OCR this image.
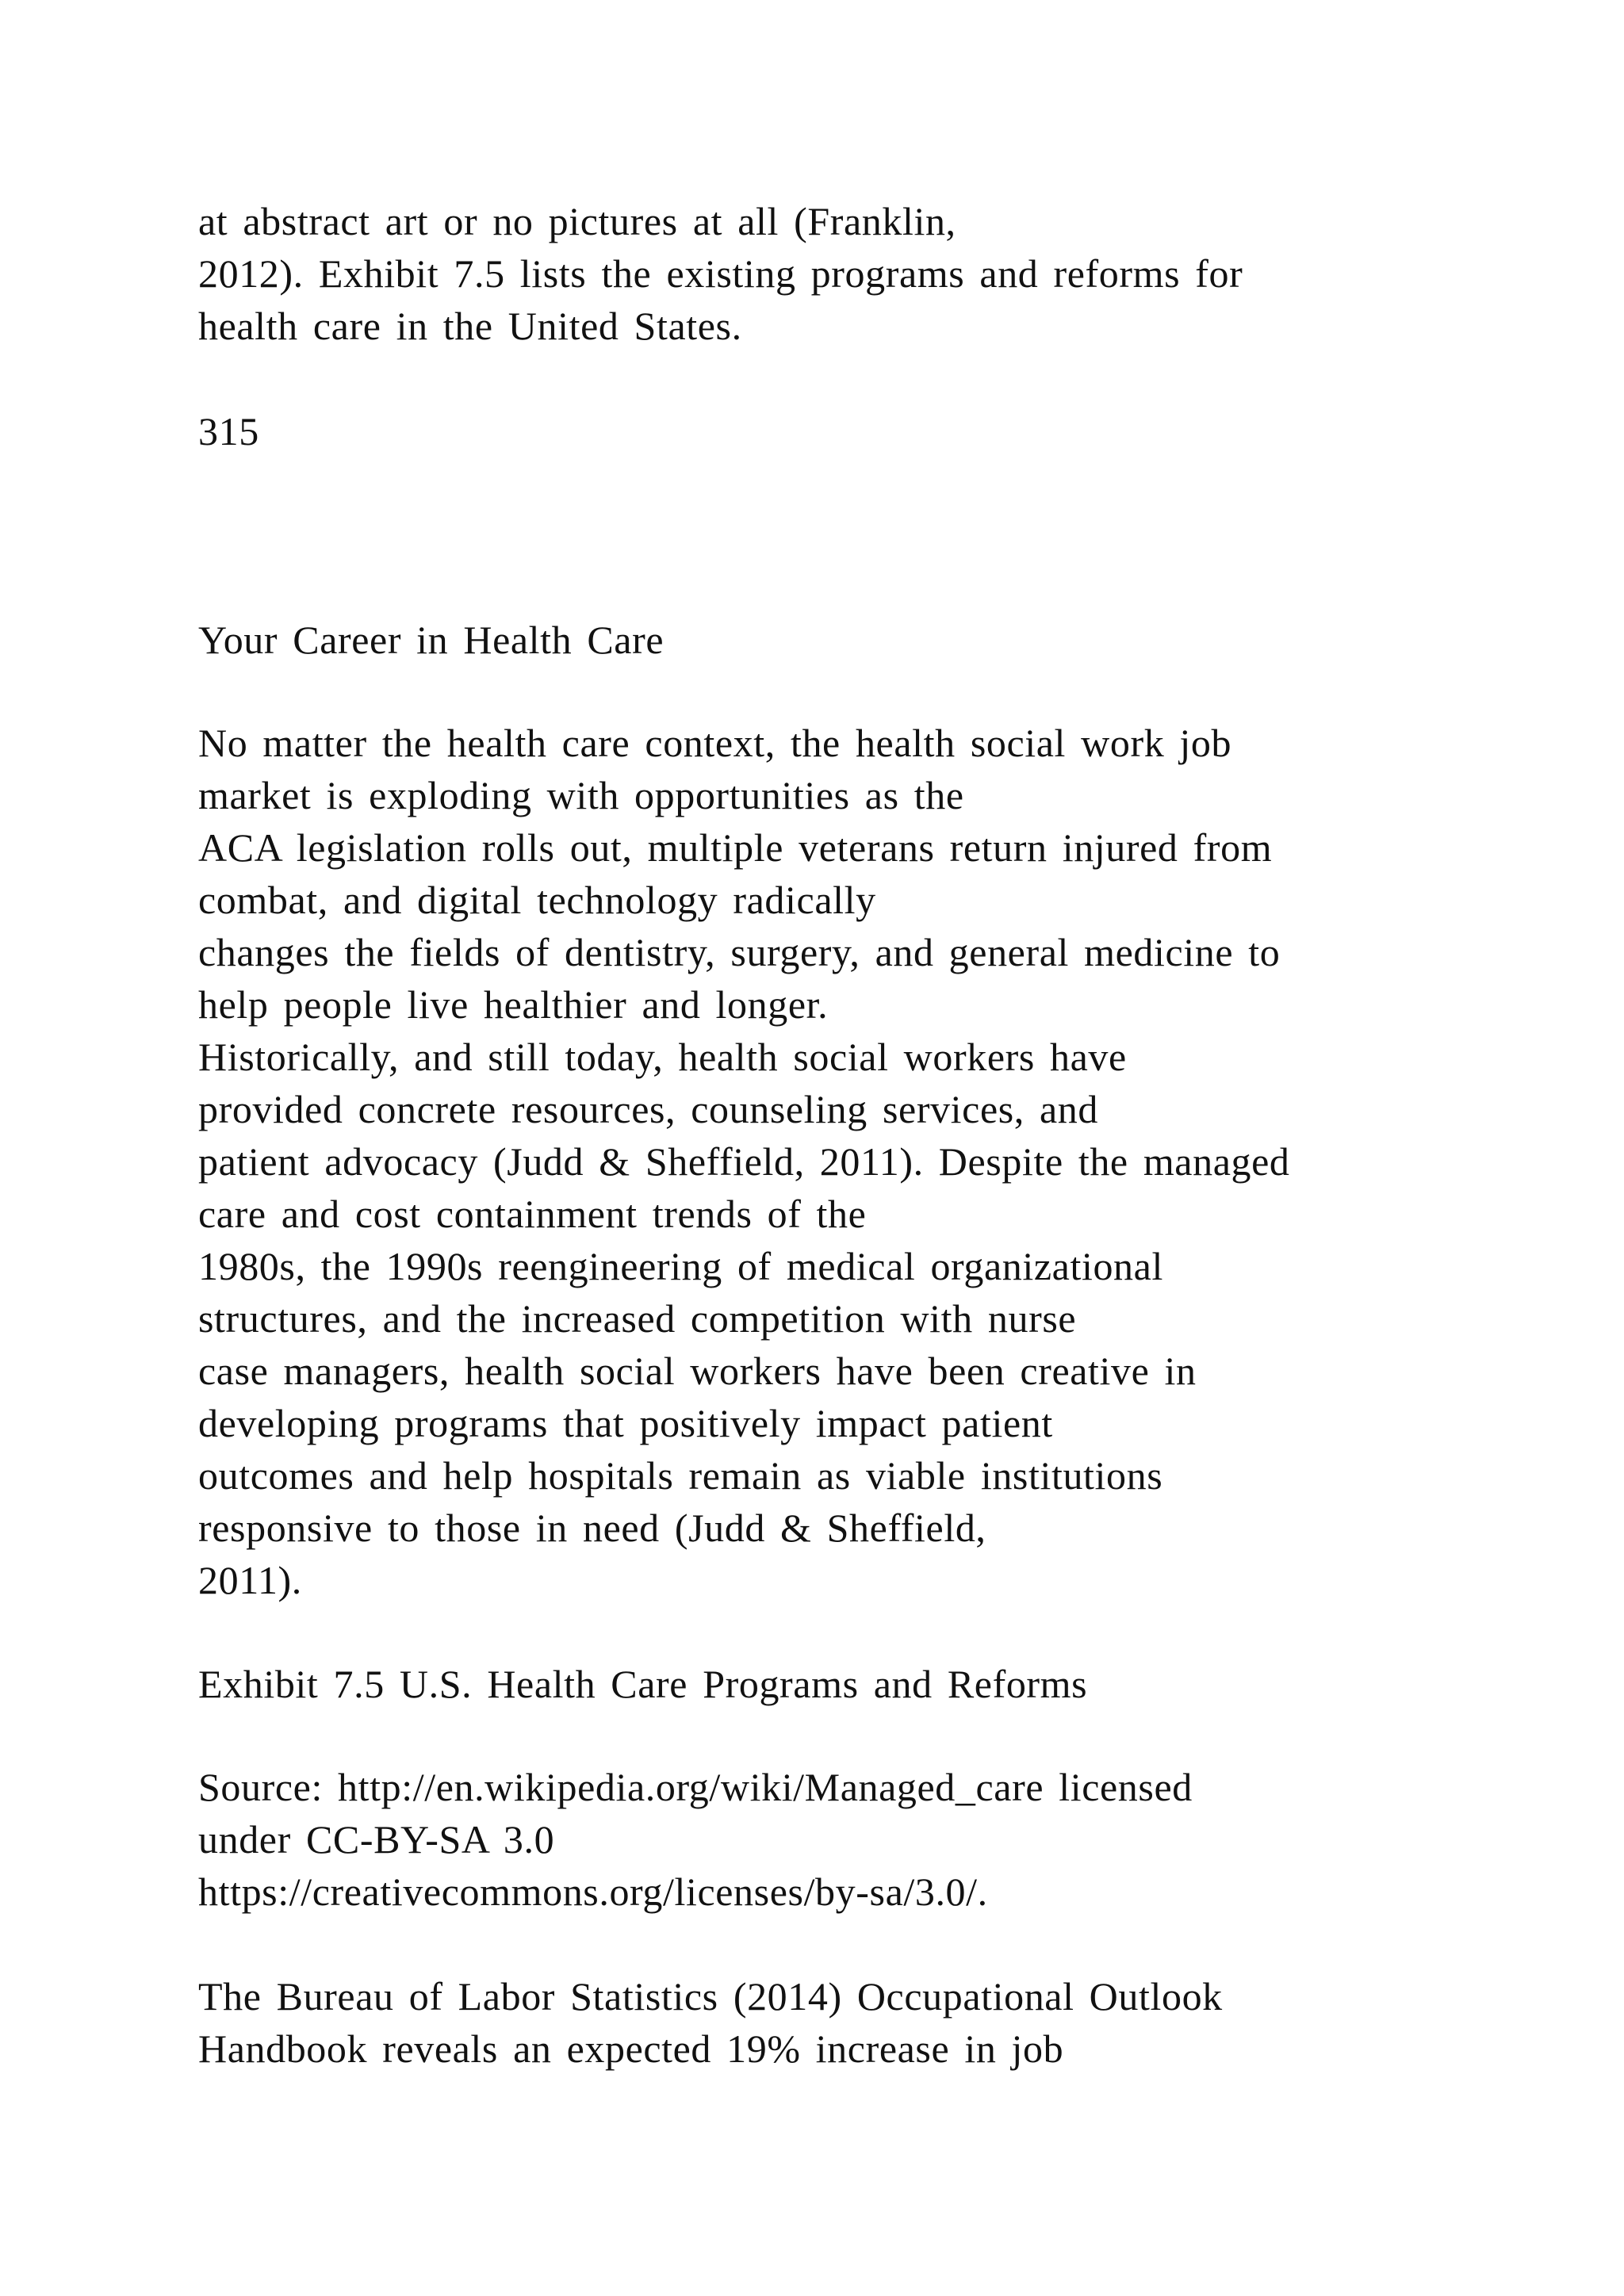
at abstract art or no pictures at all (Franklin,
2012). Exhibit 7.5 lists the existing programs and reforms for
health care in the United States.
315
Your Career in Health Care
No matter the health care context, the health social work job
market is exploding with opportunities as the
ACA legislation rolls out, multiple veterans return injured from
combat, and digital technology radically
changes the fields of dentistry, surgery, and general medicine to
help people live healthier and longer.
Historically, and still today, health social workers have
provided concrete resources, counseling services, and
patient advocacy (Judd & Sheffield, 2011). Despite the managed
care and cost containment trends of the
1980s, the 1990s reengineering of medical organizational
structures, and the increased competition with nurse
case managers, health social workers have been creative in
developing programs that positively impact patient
outcomes and help hospitals remain as viable institutions
responsive to those in need (Judd & Sheffield,
2011).
Exhibit 7.5 U.S. Health Care Programs and Reforms
Source: http://en.wikipedia.org/wiki/Managed_care licensed
under CC-BY-SA 3.0
https://creativecommons.org/licenses/by-sa/3.0/.
The Bureau of Labor Statistics (2014) Occupational Outlook
Handbook reveals an expected 19% increase in job
